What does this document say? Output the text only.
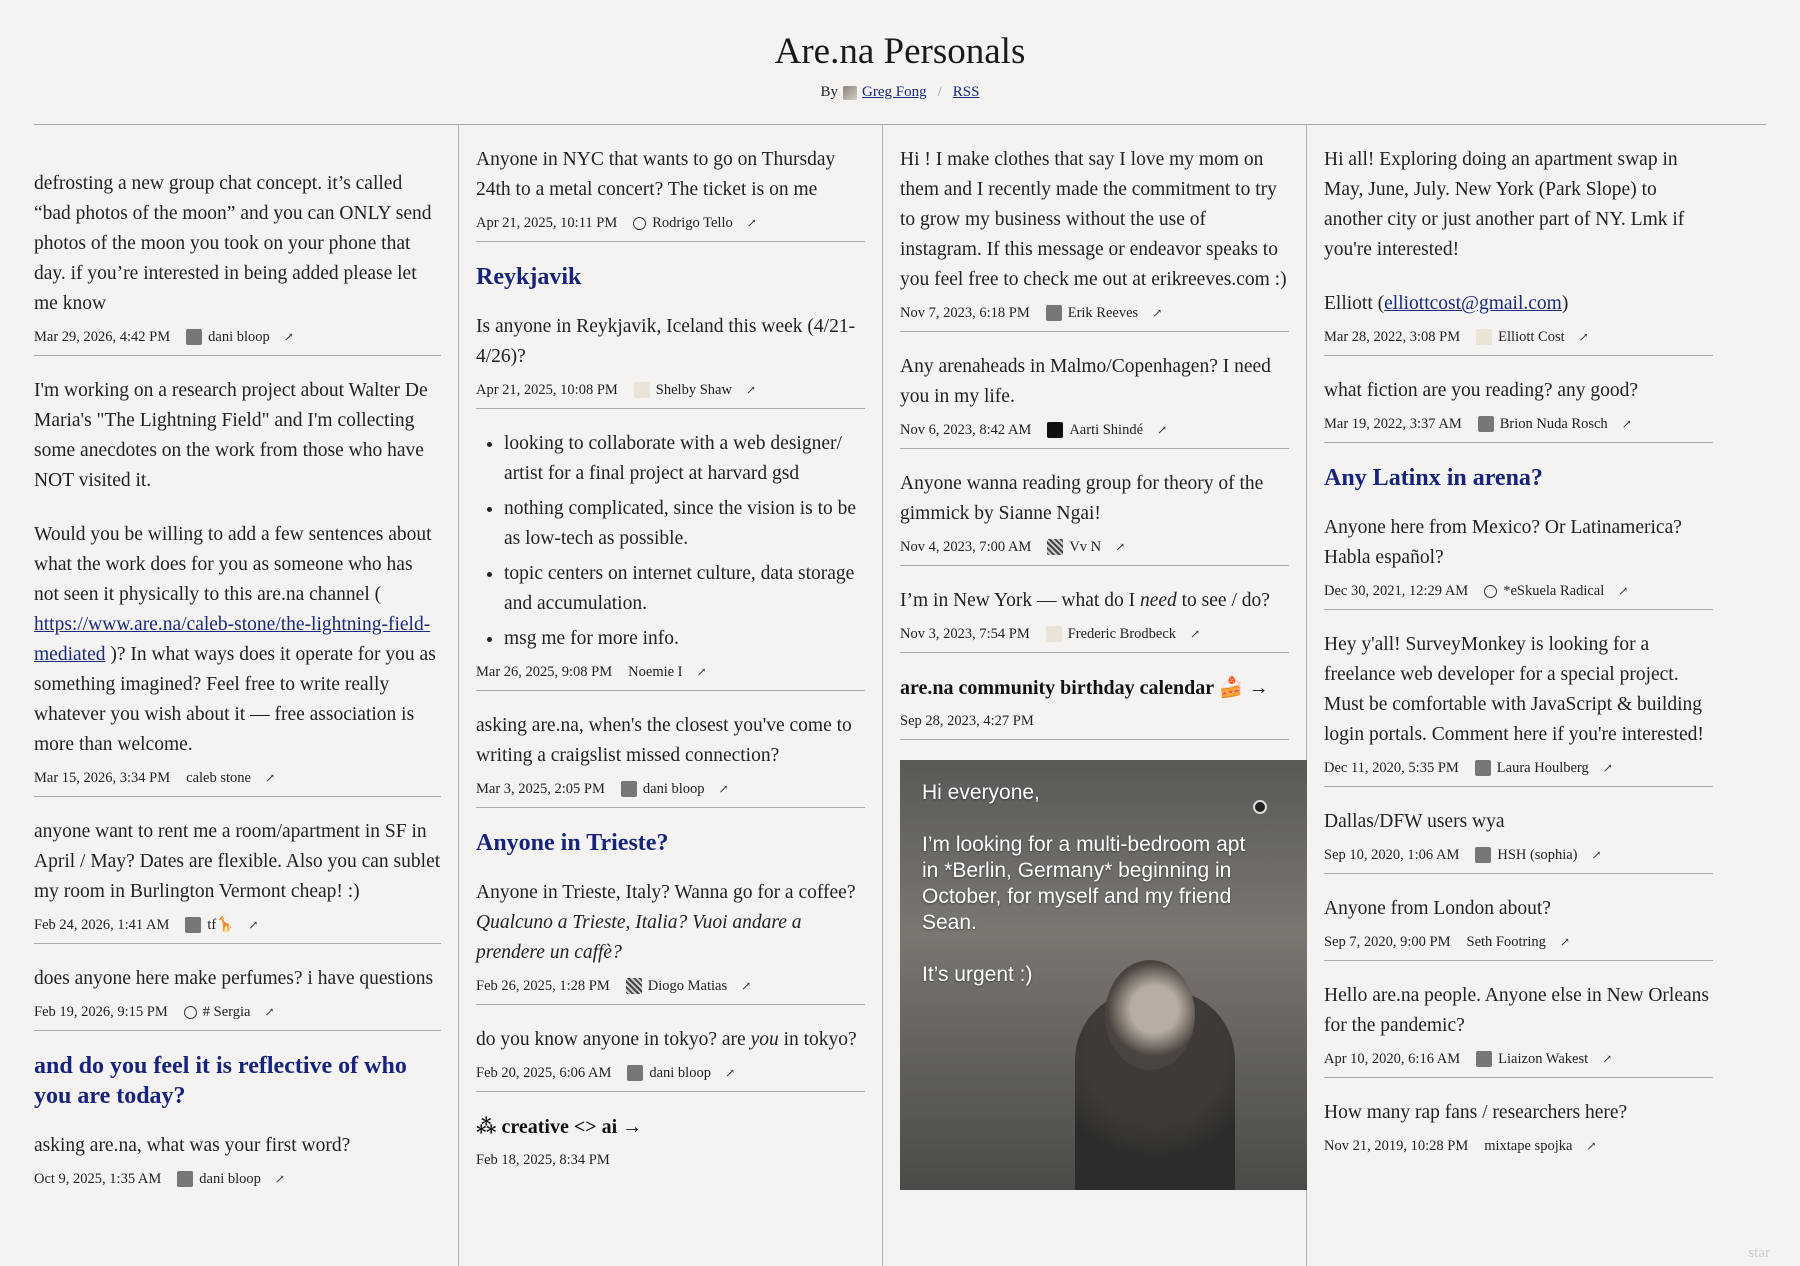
Are.na Personals
By Greg Fong / RSS

defrosting a new group chat concept. it’s called “bad photos of the moon” and you can ONLY send photos of the moon you took on your phone that day. if you’re interested in being added please let me know

Mar 29, 2026, 4:42 PM	dani bloop ↗

I'm working on a research project about Walter De Maria's "The Lightning Field" and I'm collecting some anecdotes on the work from those who have NOT visited it.

Would you be willing to add a few sentences about what the work does for you as someone who has not seen it physically to this are.na channel ( https://www.are.na/caleb-stone/the-lightning-field-mediated )? In what ways does it operate for you as something imagined? Feel free to write really whatever you wish about it — free association is more than welcome.

Mar 15, 2026, 3:34 PM caleb stone ↗

anyone want to rent me a room/apartment in SF in April / May? Dates are flexible. Also you can sublet my room in Burlington Vermont cheap! :)

Feb 24, 2026, 1:41 AM	tf🦒 ↗

does anyone here make perfumes? i have questions

Feb 19, 2026, 9:15 PM # Sergia ↗
and do you feel it is reflective of who you are today?

asking are.na, what was your first word?

Oct 9, 2025, 1:35 AM	dani bloop ↗

Anyone in NYC that wants to go on Thursday 24th to a metal concert? The ticket is on me

Apr 21, 2025, 10:11 PM Rodrigo Tello ↗
Reykjavik

Is anyone in Reykjavik, Iceland this week (4/21-4/26)?

Apr 21, 2025, 10:08 PM	Shelby Shaw ↗
• looking to collaborate with a web designer/ artist for a final project at harvard gsd
• nothing complicated, since the vision is to be as low-tech as possible.
• topic centers on internet culture, data storage and accumulation.
• msg me for more info.
Mar 26, 2025, 9:08 PM Noemie I ↗

asking are.na, when's the closest you've come to writing a craigslist missed connection?

Mar 3, 2025, 2:05 PM	dani bloop ↗
Anyone in Trieste?

Anyone in Trieste, Italy? Wanna go for a coffee?
Qualcuno a Trieste, Italia? Vuoi andare a prendere un caffè?

Feb 26, 2025, 1:28 PM	Diogo Matias ↗

do you know anyone in tokyo? are you in tokyo?

Feb 20, 2025, 6:06 AM	dani bloop ↗
⁂ creative <> ai →
Feb 18, 2025, 8:34 PM

Hi ! I make clothes that say I love my mom on them and I recently made the commitment to try to grow my business without the use of instagram. If this message or endeavor speaks to you feel free to check me out at erikreeves.com :)

Nov 7, 2023, 6:18 PM	Erik Reeves ↗

Any arenaheads in Malmo/Copenhagen? I need you in my life.

Nov 6, 2023, 8:42 AM	Aarti Shindé ↗

Anyone wanna reading group for theory of the gimmick by Sianne Ngai!

Nov 4, 2023, 7:00 AM	Vv N ↗

I’m in New York — what do I need to see / do?

Nov 3, 2023, 7:54 PM	Frederic Brodbeck ↗
are.na community birthday calendar 🍰 →
Sep 28, 2023, 4:27 PM
Hi everyone,

I’m looking for a multi-bedroom apt in *Berlin, Germany* beginning in October, for myself and my friend Sean.

It’s urgent :)

Hi all! Exploring doing an apartment swap in May, June, July. New York (Park Slope) to another city or just another part of NY. Lmk if you're interested!

Elliott (elliottcost@gmail.com)

Mar 28, 2022, 3:08 PM	Elliott Cost ↗

what fiction are you reading? any good?

Mar 19, 2022, 3:37 AM	Brion Nuda Rosch ↗
Any Latinx in arena?

Anyone here from Mexico? Or Latinamerica? Habla español?

Dec 30, 2021, 12:29 AM *eSkuela Radical ↗

Hey y'all! SurveyMonkey is looking for a freelance web developer for a special project. Must be comfortable with JavaScript & building login portals. Comment here if you're interested!

Dec 11, 2020, 5:35 PM	Laura Houlberg ↗

Dallas/DFW users wya

Sep 10, 2020, 1:06 AM	HSH (sophia) ↗

Anyone from London about?

Sep 7, 2020, 9:00 PM Seth Footring ↗

Hello are.na people. Anyone else in New Orleans for the pandemic?

Apr 10, 2020, 6:16 AM	Liaizon Wakest ↗

How many rap fans / researchers here?

Nov 21, 2019, 10:28 PM mixtape spojka ↗
star
